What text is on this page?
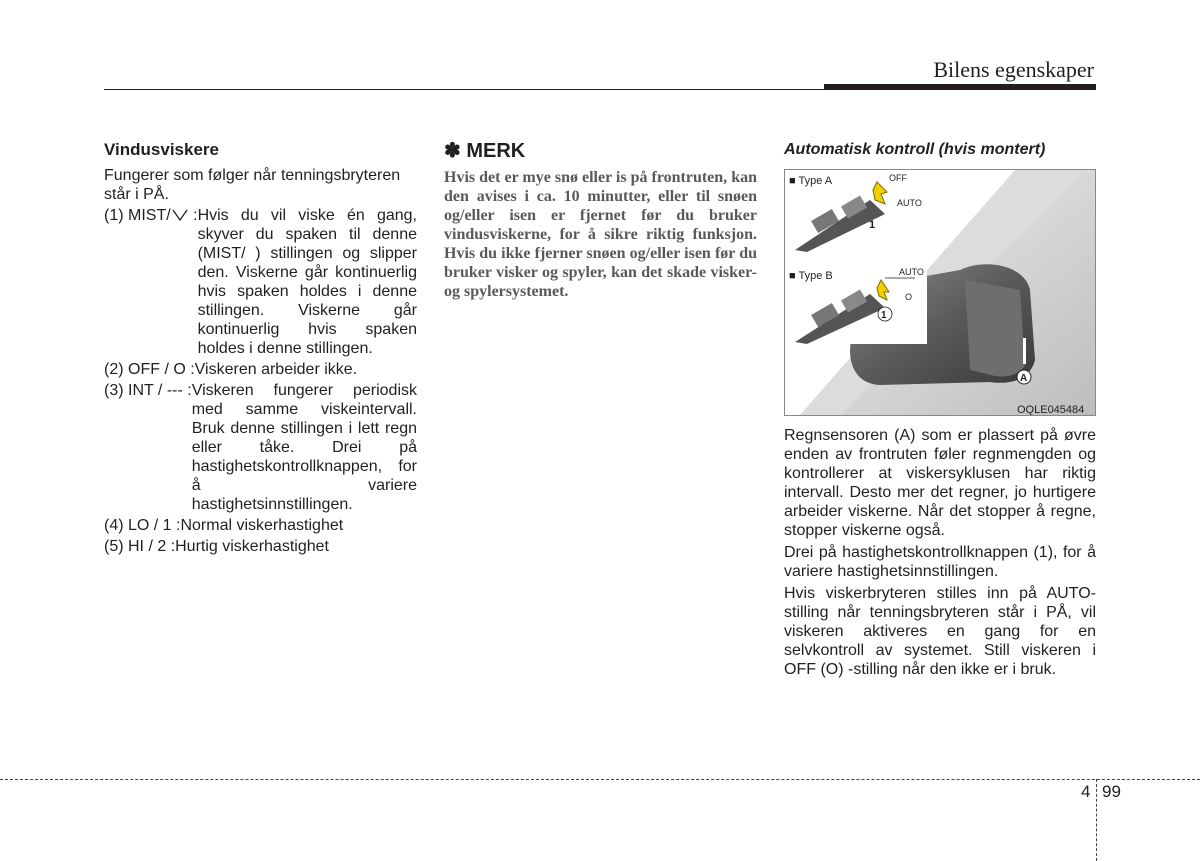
Bilens egenskaper
Vindusviskere
Fungerer som følger når tenningsbryteren står i PÅ.
(1) MIST/ : Hvis du vil viske én gang, skyver du spaken til denne (MIST/ ) stillingen og slipper den. Viskerne går kontinuerlig hvis spaken holdes i denne stillingen. Viskerne går kontinuerlig hvis spaken holdes i denne stillingen.
(2) OFF / O : Viskeren arbeider ikke.
(3) INT / --- : Viskeren fungerer periodisk med samme viskeintervall. Bruk denne stillingen i lett regn eller tåke. Drei på hastighetskontrollknappen, for å variere hastighetsinnstillingen.
(4) LO / 1 : Normal viskerhastighet
(5) HI / 2 : Hurtig viskerhastighet
✽ MERK
Hvis det er mye snø eller is på frontruten, kan den avises i ca. 10 minutter, eller til snøen og/eller isen er fjernet før du bruker vindusviskerne, for å sikre riktig funksjon. Hvis du ikke fjerner snøen og/eller isen før du bruker visker og spyler, kan det skade visker- og spylersystemet.
Automatisk kontroll (hvis montert)
A
■ Type A	OFF
AUTO
1
■ Type B	AUTO
O
1
OQLE045484
Regnsensoren (A) som er plassert på øvre enden av frontruten føler regnmengden og kontrollerer at viskersyklusen har riktig intervall. Desto mer det regner, jo hurtigere arbeider viskerne. Når det stopper å regne, stopper viskerne også.
Drei på hastighetskontrollknappen (1), for å variere hastighetsinnstillingen.
Hvis viskerbryteren stilles inn på AUTO-stilling når tenningsbryteren står i PÅ, vil viskeren aktiveres en gang for en selvkontroll av systemet. Still viskeren i OFF (O) -stilling når den ikke er i bruk.
4 99
